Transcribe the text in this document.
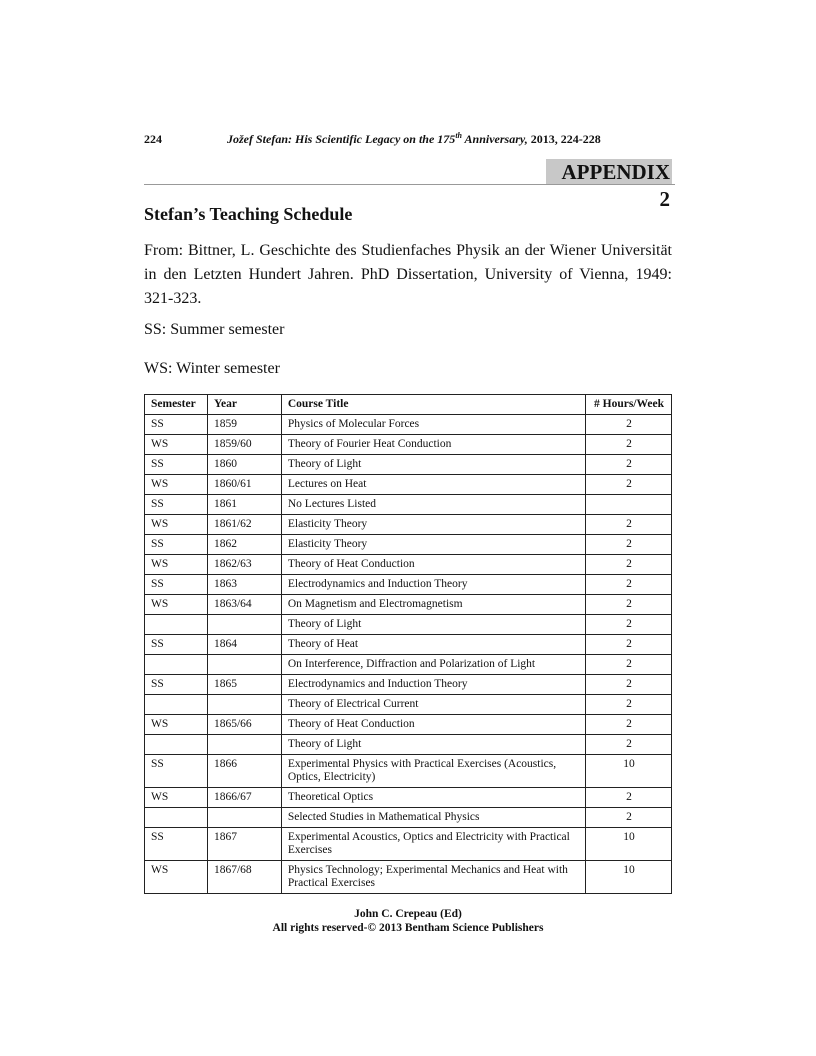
224	Jožef Stefan: His Scientific Legacy on the 175th Anniversary, 2013, 224-228
APPENDIX 2
Stefan’s Teaching Schedule

From: Bittner, L. Geschichte des Studienfaches Physik an der Wiener Universität in den Letzten Hundert Jahren. PhD Dissertation, University of Vienna, 1949: 321-323.

SS: Summer semester

WS: Winter semester

Semester	Year	Course Title	# Hours/Week
SS	1859	Physics of Molecular Forces	2
WS	1859/60	Theory of Fourier Heat Conduction	2
SS	1860	Theory of Light	2
WS	1860/61	Lectures on Heat	2
SS	1861	No Lectures Listed	
WS	1861/62	Elasticity Theory	2
SS	1862	Elasticity Theory	2
WS	1862/63	Theory of Heat Conduction	2
SS	1863	Electrodynamics and Induction Theory	2
WS	1863/64	On Magnetism and Electromagnetism	2
		Theory of Light	2
SS	1864	Theory of Heat	2
		On Interference, Diffraction and Polarization of Light	2
SS	1865	Electrodynamics and Induction Theory	2
		Theory of Electrical Current	2
WS	1865/66	Theory of Heat Conduction	2
		Theory of Light	2
SS	1866	Experimental Physics with Practical Exercises (Acoustics, Optics, Electricity)	10
WS	1866/67	Theoretical Optics	2
		Selected Studies in Mathematical Physics	2
SS	1867	Experimental Acoustics, Optics and Electricity with Practical Exercises	10
WS	1867/68	Physics Technology; Experimental Mechanics and Heat with Practical Exercises	10
John C. Crepeau (Ed)
All rights reserved-© 2013 Bentham Science Publishers
